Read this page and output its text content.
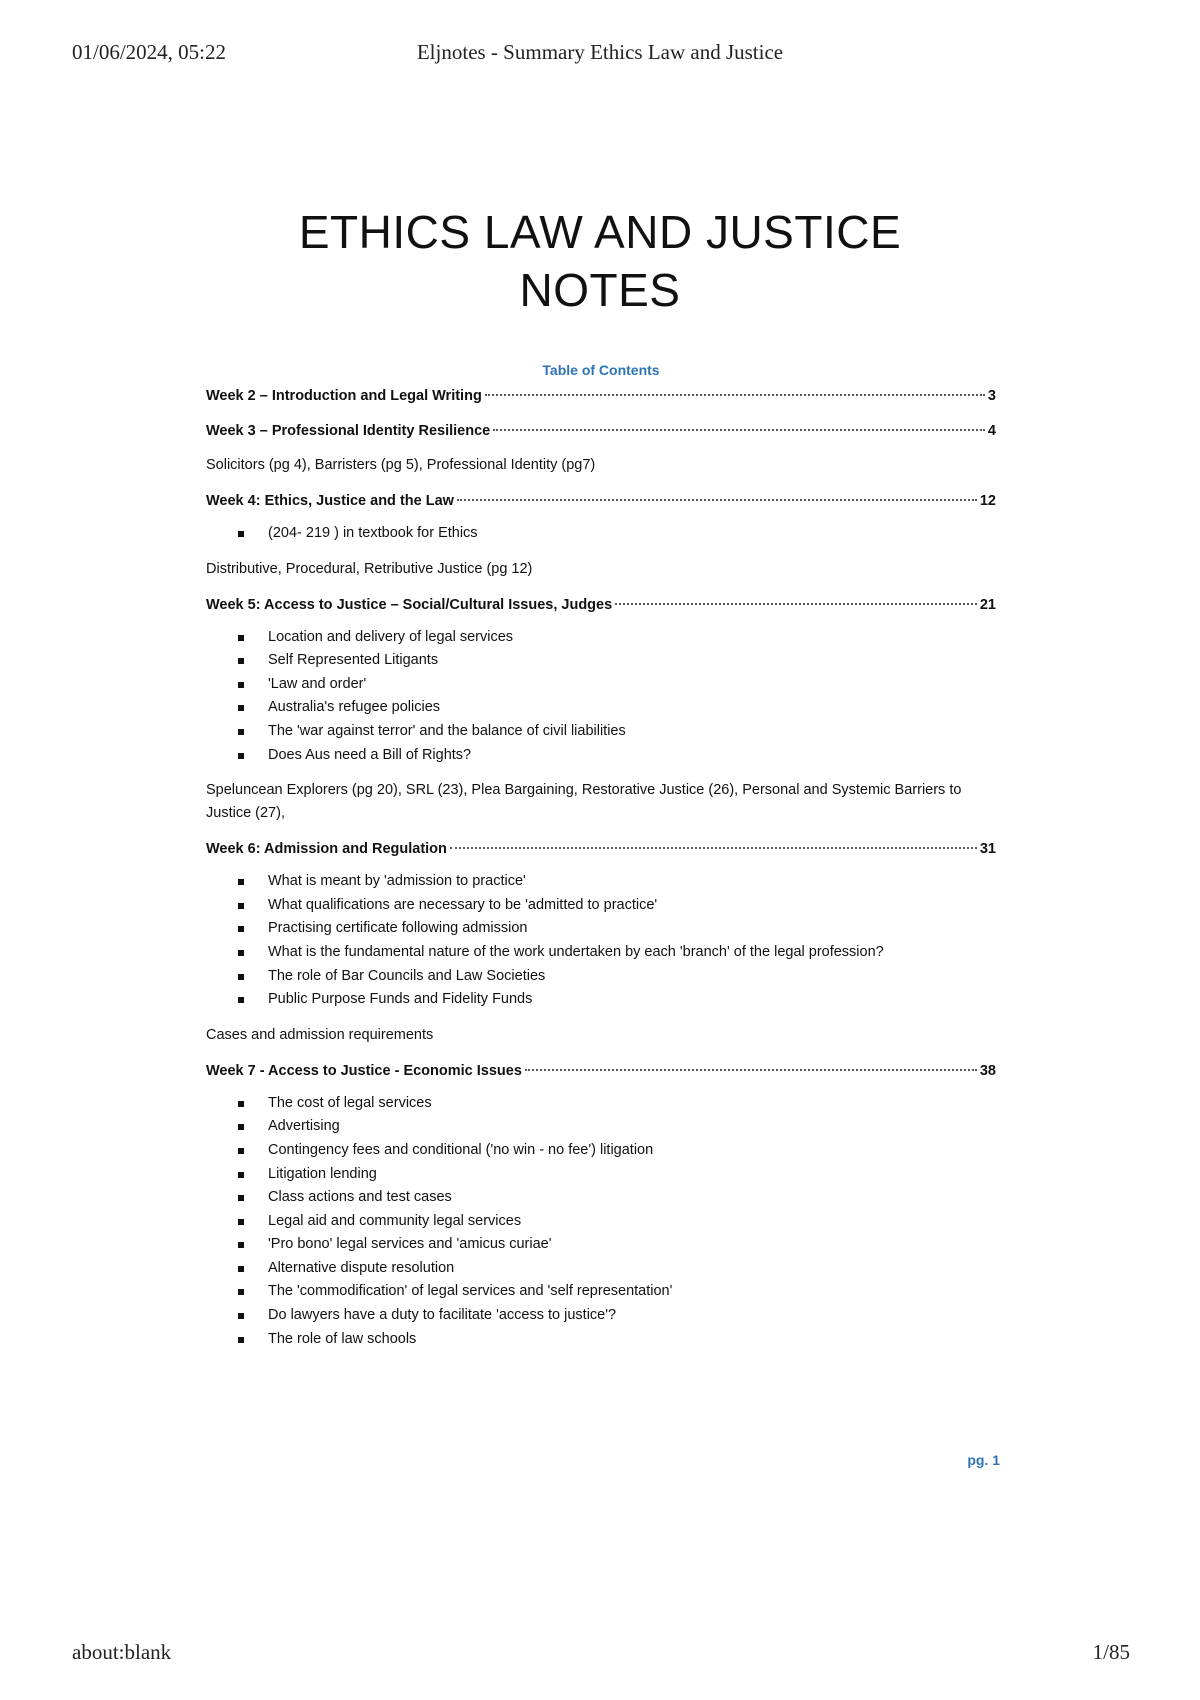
01/06/2024, 05:22	Eljnotes - Summary Ethics Law and Justice
ETHICS LAW AND JUSTICE
NOTES
Table of Contents
Week 2 – Introduction and Legal Writing	3
Week 3 – Professional Identity Resilience	4
Solicitors (pg 4), Barristers (pg 5), Professional Identity (pg7)
Week 4: Ethics, Justice and the Law	12
(204- 219 ) in textbook for Ethics
Distributive, Procedural, Retributive Justice (pg 12)
Week 5: Access to Justice – Social/Cultural Issues, Judges	21
Location and delivery of legal services
Self Represented Litigants
'Law and order'
Australia's refugee policies
The 'war against terror' and the balance of civil liabilities
Does Aus need a Bill of Rights?
Speluncean Explorers (pg 20), SRL (23), Plea Bargaining, Restorative Justice (26), Personal and Systemic Barriers to Justice (27),
Week 6: Admission and Regulation	31
What is meant by 'admission to practice'
What qualifications are necessary to be 'admitted to practice'
Practising certificate following admission
What is the fundamental nature of the work undertaken by each 'branch' of the legal profession?
The role of Bar Councils and Law Societies
Public Purpose Funds and Fidelity Funds
Cases and admission requirements
Week 7 - Access to Justice - Economic Issues	38
The cost of legal services
Advertising
Contingency fees and conditional ('no win - no fee') litigation
Litigation lending
Class actions and test cases
Legal aid and community legal services
'Pro bono' legal services and 'amicus curiae'
Alternative dispute resolution
The 'commodification' of legal services and 'self representation'
Do lawyers have a duty to facilitate 'access to justice'?
The role of law schools
pg. 1
about:blank	1/85
